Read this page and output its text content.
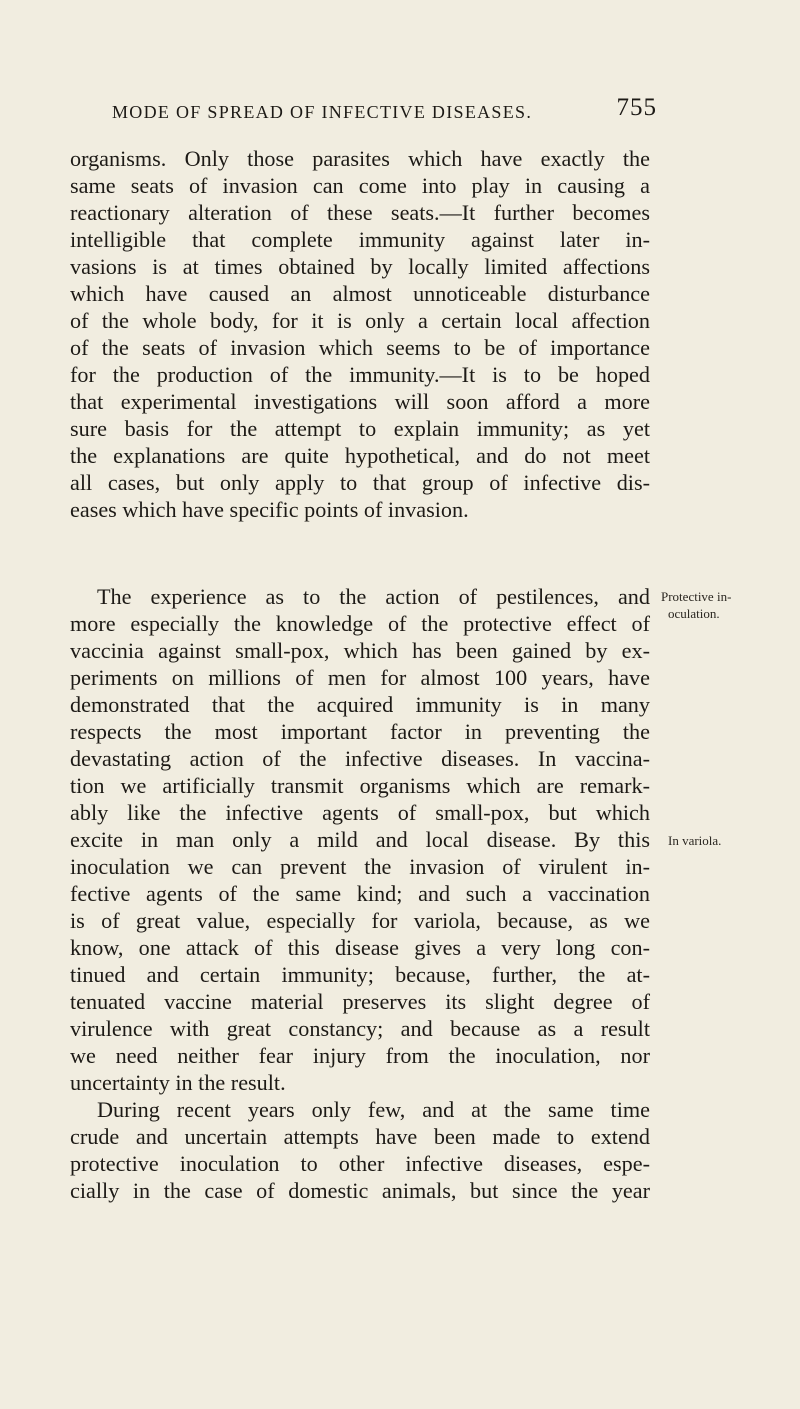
MODE OF SPREAD OF INFECTIVE DISEASES.	755
organisms. Only those parasites which have exactly the
same seats of invasion can come into play in causing a
reactionary alteration of these seats.—It further becomes
intelligible that complete immunity against later in-
vasions is at times obtained by locally limited affections
which have caused an almost unnoticeable disturbance
of the whole body, for it is only a certain local affection
of the seats of invasion which seems to be of importance
for the production of the immunity.—It is to be hoped
that experimental investigations will soon afford a more
sure basis for the attempt to explain immunity; as yet
the explanations are quite hypothetical, and do not meet
all cases, but only apply to that group of infective dis-
eases which have specific points of invasion.
The experience as to the action of pestilences, and
more especially the knowledge of the protective effect of
vaccinia against small-pox, which has been gained by ex-
periments on millions of men for almost 100 years, have
demonstrated that the acquired immunity is in many
respects the most important factor in preventing the
devastating action of the infective diseases. In vaccina-
tion we artificially transmit organisms which are remark-
ably like the infective agents of small-pox, but which
excite in man only a mild and local disease. By this
inoculation we can prevent the invasion of virulent in-
fective agents of the same kind; and such a vaccination
is of great value, especially for variola, because, as we
know, one attack of this disease gives a very long con-
tinued and certain immunity; because, further, the at-
tenuated vaccine material preserves its slight degree of
virulence with great constancy; and because as a result
we need neither fear injury from the inoculation, nor
uncertainty in the result.
During recent years only few, and at the same time
crude and uncertain attempts have been made to extend
protective inoculation to other infective diseases, espe-
cially in the case of domestic animals, but since the year
Protective in-
oculation.
In variola.
